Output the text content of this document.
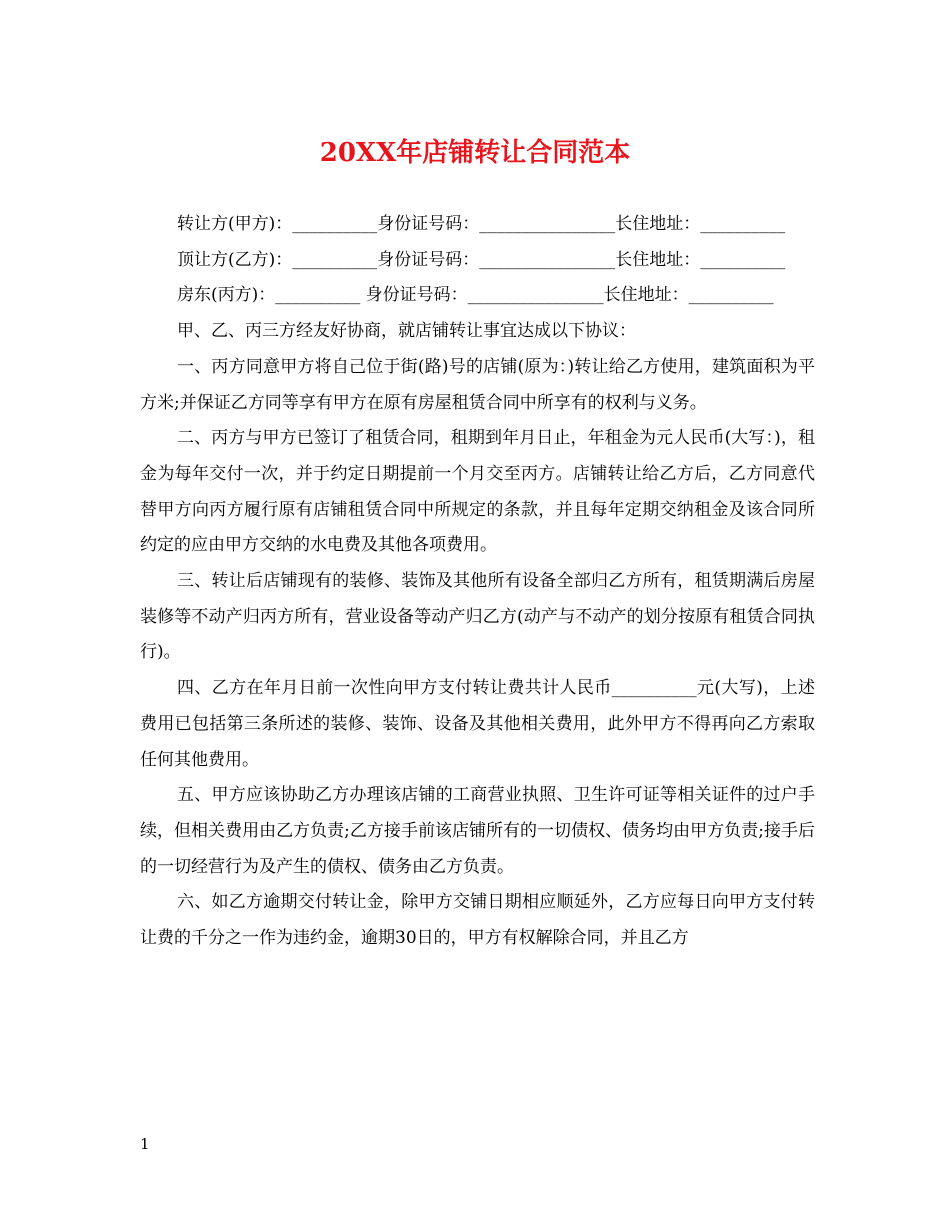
20XX年店铺转让合同范本

转让方(甲方)：__________身份证号码：________________长住地址：__________

顶让方(乙方)：__________身份证号码：________________长住地址：__________

房东(丙方)：__________ 身份证号码：________________长住地址：__________

甲、乙、丙三方经友好协商，就店铺转让事宜达成以下协议：

一、丙方同意甲方将自己位于街(路)号的店铺(原为：)转让给乙方使用，建筑面积为平方米;并保证乙方同等享有甲方在原有房屋租赁合同中所享有的权利与义务。

二、丙方与甲方已签订了租赁合同，租期到年月日止，年租金为元人民币(大写：)，租金为每年交付一次，并于约定日期提前一个月交至丙方。店铺转让给乙方后，乙方同意代替甲方向丙方履行原有店铺租赁合同中所规定的条款，并且每年定期交纳租金及该合同所约定的应由甲方交纳的水电费及其他各项费用。

三、转让后店铺现有的装修、装饰及其他所有设备全部归乙方所有，租赁期满后房屋装修等不动产归丙方所有，营业设备等动产归乙方(动产与不动产的划分按原有租赁合同执行)。

四、乙方在年月日前一次性向甲方支付转让费共计人民币__________元(大写)，上述费用已包括第三条所述的装修、装饰、设备及其他相关费用，此外甲方不得再向乙方索取任何其他费用。

五、甲方应该协助乙方办理该店铺的工商营业执照、卫生许可证等相关证件的过户手续，但相关费用由乙方负责;乙方接手前该店铺所有的一切债权、债务均由甲方负责;接手后的一切经营行为及产生的债权、债务由乙方负责。

六、如乙方逾期交付转让金，除甲方交铺日期相应顺延外，乙方应每日向甲方支付转让费的千分之一作为违约金，逾期30日的，甲方有权解除合同，并且乙方

1
